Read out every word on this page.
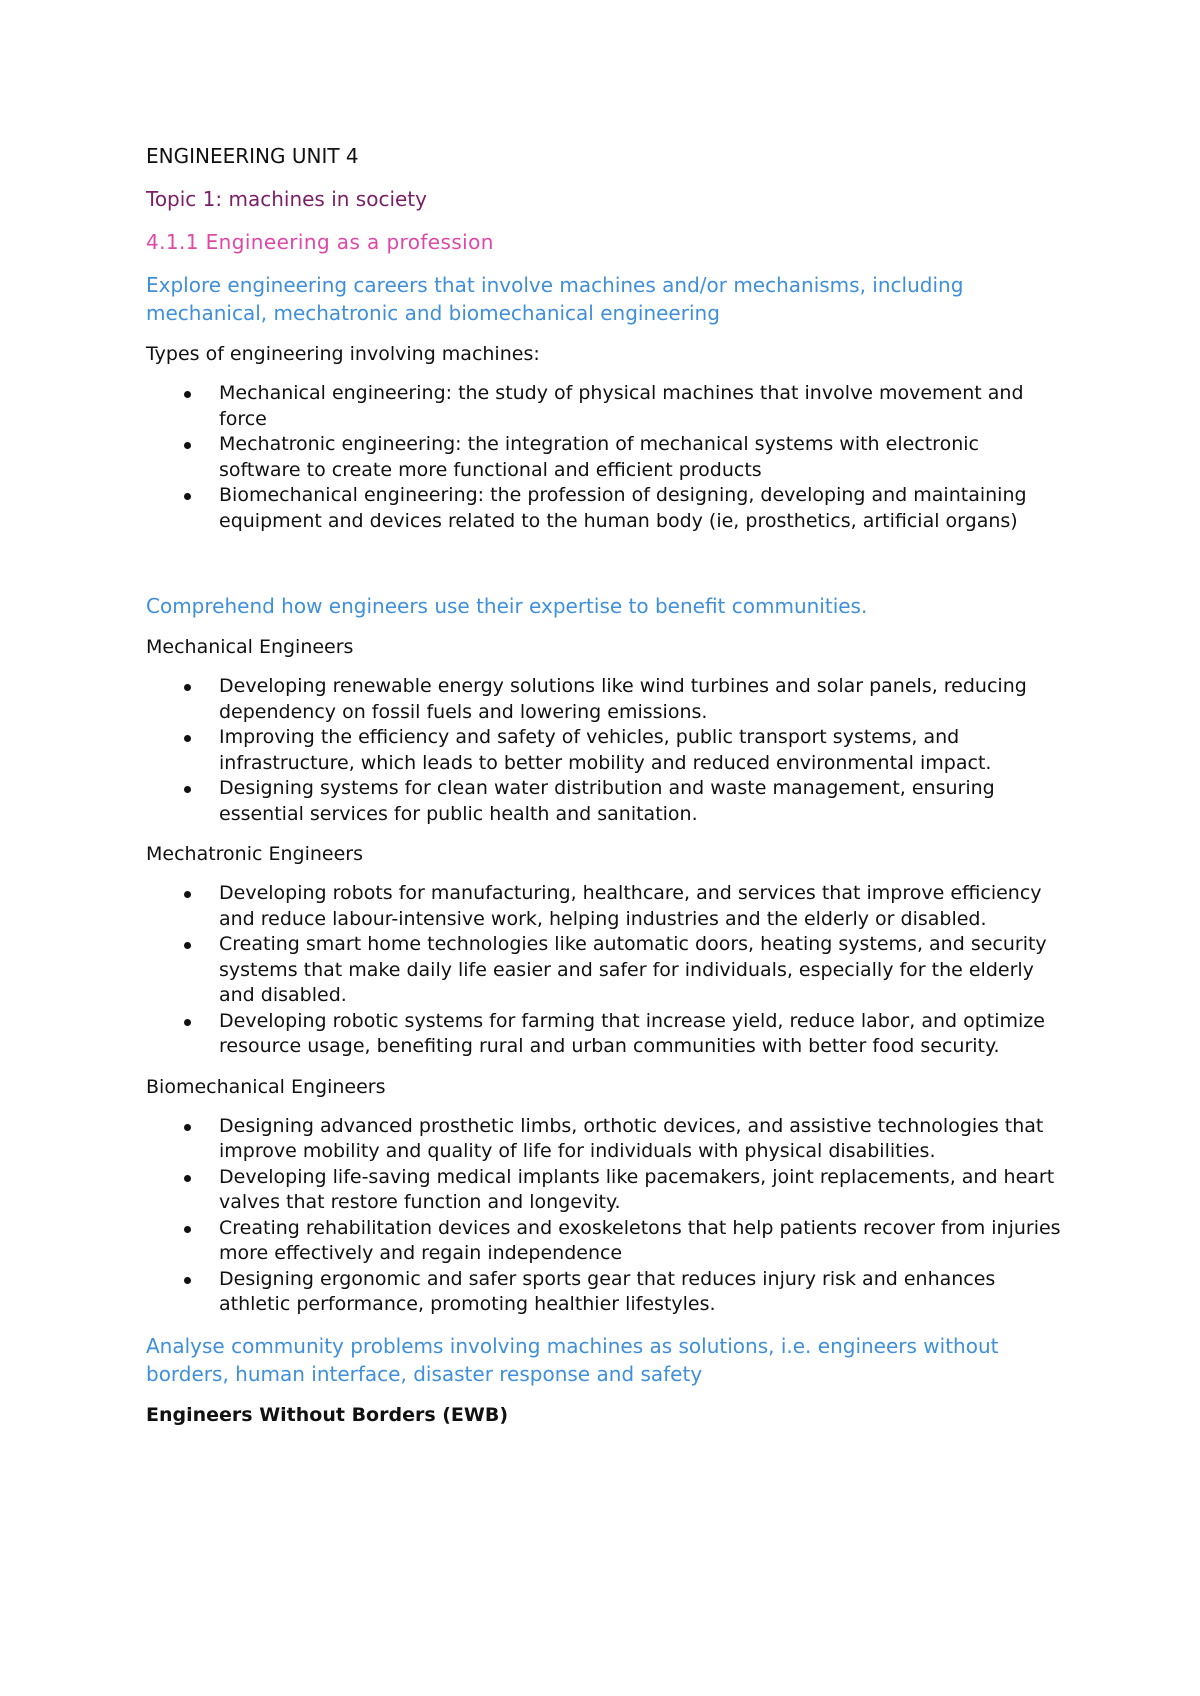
ENGINEERING UNIT 4
Topic 1: machines in society
4.1.1 Engineering as a profession
Explore engineering careers that involve machines and/or mechanisms, including mechanical, mechatronic and biomechanical engineering
Types of engineering involving machines:
Mechanical engineering: the study of physical machines that involve movement and force
Mechatronic engineering: the integration of mechanical systems with electronic software to create more functional and efficient products
Biomechanical engineering: the profession of designing, developing and maintaining equipment and devices related to the human body (ie, prosthetics, artificial organs)
Comprehend how engineers use their expertise to benefit communities.
Mechanical Engineers
Developing renewable energy solutions like wind turbines and solar panels, reducing dependency on fossil fuels and lowering emissions.
Improving the efficiency and safety of vehicles, public transport systems, and infrastructure, which leads to better mobility and reduced environmental impact.
Designing systems for clean water distribution and waste management, ensuring essential services for public health and sanitation.
Mechatronic Engineers
Developing robots for manufacturing, healthcare, and services that improve efficiency and reduce labour-intensive work, helping industries and the elderly or disabled.
Creating smart home technologies like automatic doors, heating systems, and security systems that make daily life easier and safer for individuals, especially for the elderly and disabled.
Developing robotic systems for farming that increase yield, reduce labor, and optimize resource usage, benefiting rural and urban communities with better food security.
Biomechanical Engineers
Designing advanced prosthetic limbs, orthotic devices, and assistive technologies that improve mobility and quality of life for individuals with physical disabilities.
Developing life-saving medical implants like pacemakers, joint replacements, and heart valves that restore function and longevity.
Creating rehabilitation devices and exoskeletons that help patients recover from injuries more effectively and regain independence
Designing ergonomic and safer sports gear that reduces injury risk and enhances athletic performance, promoting healthier lifestyles.
Analyse community problems involving machines as solutions, i.e. engineers without borders, human interface, disaster response and safety
Engineers Without Borders (EWB)
